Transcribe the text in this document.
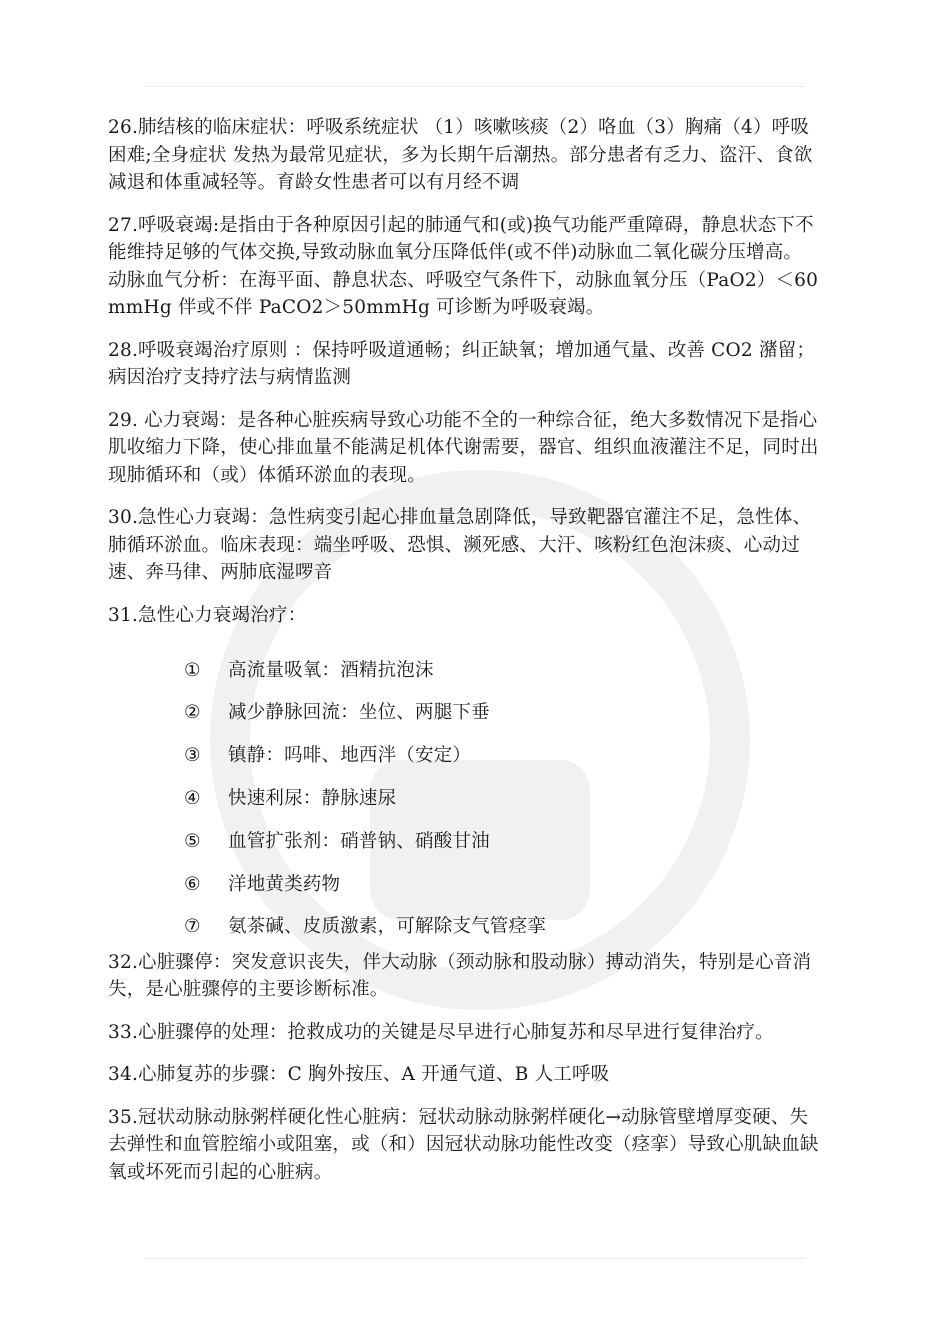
26.肺结核的临床症状：呼吸系统症状 （1）咳嗽咳痰（2）咯血（3）胸痛（4）呼吸困难;全身症状 发热为最常见症状，多为长期午后潮热。部分患者有乏力、盗汗、食欲减退和体重减轻等。育龄女性患者可以有月经不调

27.呼吸衰竭:是指由于各种原因引起的肺通气和(或)换气功能严重障碍，静息状态下不能维持足够的气体交换,导致动脉血氧分压降低伴(或不伴)动脉血二氧化碳分压增高。动脉血气分析：在海平面、静息状态、呼吸空气条件下，动脉血氧分压（PaO2）＜60mmHg 伴或不伴 PaCO2＞50mmHg 可诊断为呼吸衰竭。

28.呼吸衰竭治疗原则 ：保持呼吸道通畅；纠正缺氧；增加通气量、改善 CO2 潴留；病因治疗支持疗法与病情监测

29. 心力衰竭：是各种心脏疾病导致心功能不全的一种综合征，绝大多数情况下是指心肌收缩力下降，使心排血量不能满足机体代谢需要，器官、组织血液灌注不足，同时出现肺循环和（或）体循环淤血的表现。

30.急性心力衰竭：急性病变引起心排血量急剧降低，导致靶器官灌注不足，急性体、肺循环淤血。临床表现：端坐呼吸、恐惧、濒死感、大汗、咳粉红色泡沫痰、心动过速、奔马律、两肺底湿啰音

31.急性心力衰竭治疗：

①	高流量吸氧：酒精抗泡沫
②	减少静脉回流：坐位、两腿下垂
③	镇静：吗啡、地西泮（安定）
④	快速利尿：静脉速尿
⑤	血管扩张剂：硝普钠、硝酸甘油
⑥	洋地黄类药物
⑦	氨茶碱、皮质激素，可解除支气管痉挛

32.心脏骤停：突发意识丧失，伴大动脉（颈动脉和股动脉）搏动消失，特别是心音消失，是心脏骤停的主要诊断标准。

33.心脏骤停的处理：抢救成功的关键是尽早进行心肺复苏和尽早进行复律治疗。

34.心肺复苏的步骤：C 胸外按压、A 开通气道、B 人工呼吸

35.冠状动脉动脉粥样硬化性心脏病：冠状动脉动脉粥样硬化→动脉管壁增厚变硬、失去弹性和血管腔缩小或阻塞，或（和）因冠状动脉功能性改变（痉挛）导致心肌缺血缺氧或坏死而引起的心脏病。
